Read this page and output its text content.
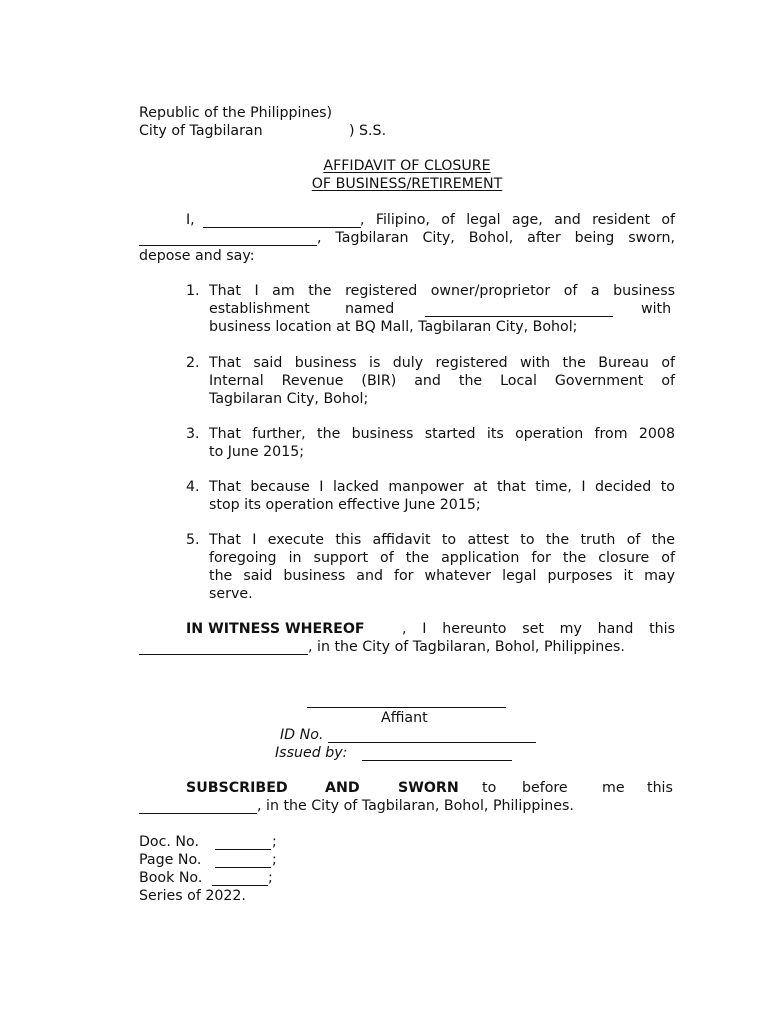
Republic of the Philippines)
City of Tagbilaran	) S.S.
AFFIDAVIT OF CLOSURE
OF BUSINESS/RETIREMENT
I,	, Filipino, of legal age, and resident of
, Tagbilaran City, Bohol, after being sworn,
depose and say:
1. That I am the registered owner/proprietor of a business
establishment named	with
business location at BQ Mall, Tagbilaran City, Bohol;
2. That said business is duly registered with the Bureau of
Internal Revenue (BIR) and the Local Government of
Tagbilaran City, Bohol;
3. That further, the business started its operation from 2008
to June 2015;
4. That because I lacked manpower at that time, I decided to
stop its operation effective June 2015;
5. That I execute this affidavit to attest to the truth of the
foregoing in support of the application for the closure of
the said business and for whatever legal purposes it may
serve.
IN WITNESS WHEREOF	, I hereunto set my hand this
, in the City of Tagbilaran, Bohol, Philippines.
Affiant
ID No.
Issued by:
SUBSCRIBED	AND	SWORN to before me this
, in the City of Tagbilaran, Bohol, Philippines.
Doc. No.	;
Page No.	;
Book No.	;
Series of 2022.
